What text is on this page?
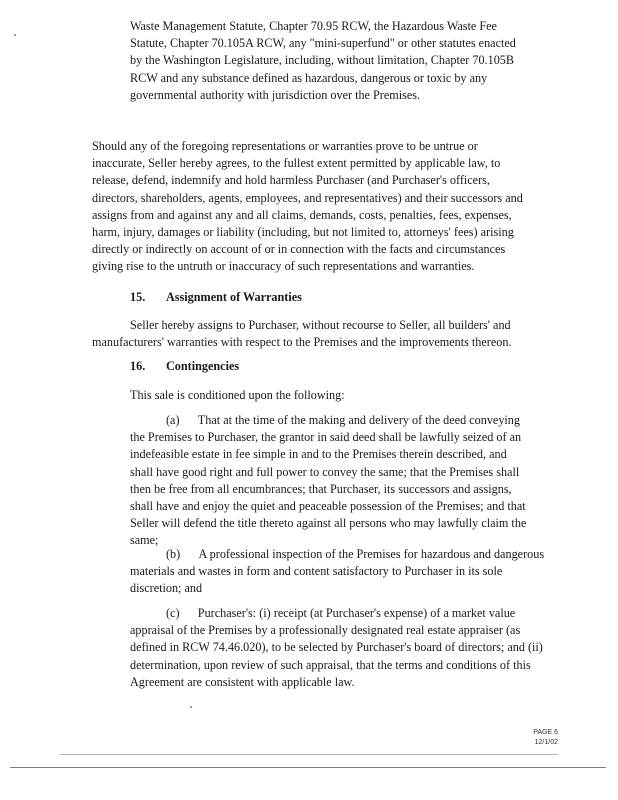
Waste Management Statute, Chapter 70.95 RCW, the Hazardous Waste Fee Statute, Chapter 70.105A RCW, any "mini-superfund" or other statutes enacted by the Washington Legislature, including, without limitation, Chapter 70.105B RCW and any substance defined as hazardous, dangerous or toxic by any governmental authority with jurisdiction over the Premises.

Should any of the foregoing representations or warranties prove to be untrue or inaccurate, Seller hereby agrees, to the fullest extent permitted by applicable law, to release, defend, indemnify and hold harmless Purchaser (and Purchaser's officers, directors, shareholders, agents, employees, and representatives) and their successors and assigns from and against any and all claims, demands, costs, penalties, fees, expenses, harm, injury, damages or liability (including, but not limited to, attorneys' fees) arising directly or indirectly on account of or in connection with the facts and circumstances giving rise to the untruth or inaccuracy of such representations and warranties.

15. Assignment of Warranties

Seller hereby assigns to Purchaser, without recourse to Seller, all builders' and manufacturers' warranties with respect to the Premises and the improvements thereon.

16. Contingencies

This sale is conditioned upon the following:

(a)  That at the time of the making and delivery of the deed conveying the Premises to Purchaser, the grantor in said deed shall be lawfully seized of an indefeasible estate in fee simple in and to the Premises therein described, and shall have good right and full power to convey the same; that the Premises shall then be free from all encumbrances; that Purchaser, its successors and assigns, shall have and enjoy the quiet and peaceable possession of the Premises; and that Seller will defend the title thereto against all persons who may lawfully claim the same;

(b)  A professional inspection of the Premises for hazardous and dangerous materials and wastes in form and content satisfactory to Purchaser in its sole discretion; and

(c)  Purchaser's: (i) receipt (at Purchaser's expense) of a market value appraisal of the Premises by a professionally designated real estate appraiser (as defined in RCW 74.46.020), to be selected by Purchaser's board of directors; and (ii) determination, upon review of such appraisal, that the terms and conditions of this Agreement are consistent with applicable law.

PAGE 6
12/1/02
